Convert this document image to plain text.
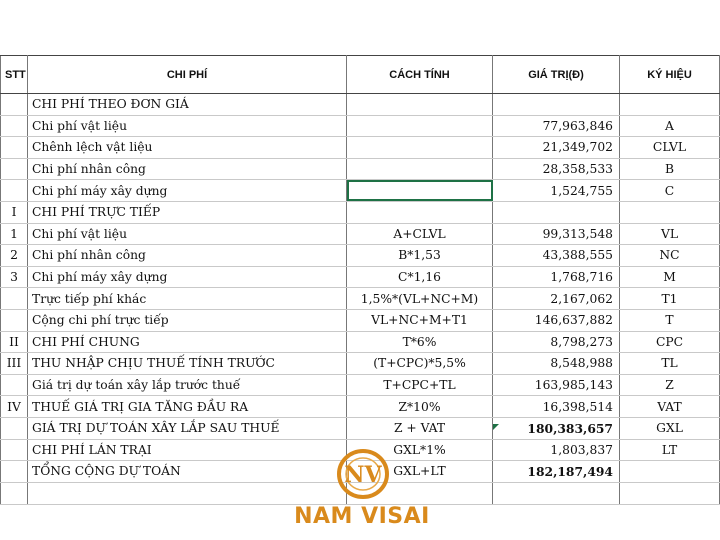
STT	CHI PHÍ	CÁCH TÍNH	GIÁ TRỊ(Đ)	KÝ HIỆU
	CHI PHÍ THEO ĐƠN GIÁ			
	Chi phí vật liệu		77,963,846	A
	Chênh lệch vật liệu		21,349,702	CLVL
	Chi phí nhân công		28,358,533	B
	Chi phí máy xây dựng		1,524,755	C
I	CHI PHÍ TRỰC TIẾP			
1	Chi phí vật liệu	A+CLVL	99,313,548	VL
2	Chi phí nhân công	B*1,53	43,388,555	NC
3	Chi phí máy xây dựng	C*1,16	1,768,716	M
	Trực tiếp phí khác	1,5%*(VL+NC+M)	2,167,062	T1
	Cộng chi phí trực tiếp	VL+NC+M+T1	146,637,882	T
II	CHI PHÍ CHUNG	T*6%	8,798,273	CPC
III	THU NHẬP CHỊU THUẾ TÍNH TRƯỚC	(T+CPC)*5,5%	8,548,988	TL
	Giá trị dự toán xây lắp trước thuế	T+CPC+TL	163,985,143	Z
IV	THUẾ GIÁ TRỊ GIA TĂNG ĐẦU RA	Z*10%	16,398,514	VAT
	GIÁ TRỊ DỰ TOÁN XÂY LẮP SAU THUẾ	Z + VAT	180,383,657	GXL
	CHI PHÍ LÁN TRẠI	GXL*1%	1,803,837	LT
	TỔNG CỘNG DỰ TOÁN	GXL+LT	182,187,494	

NV
NAM VISAI
